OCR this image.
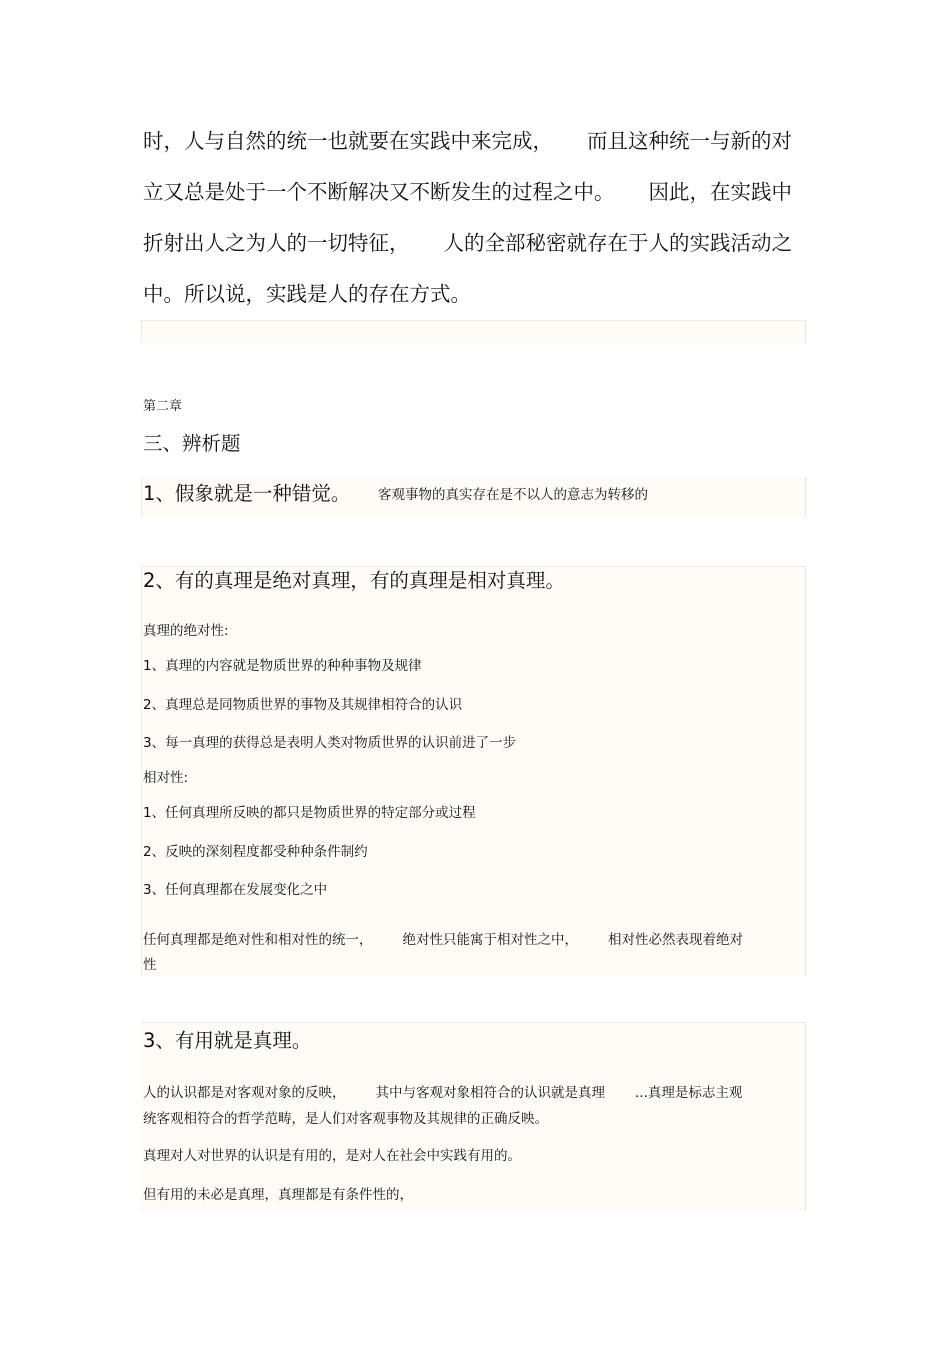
时，人与自然的统一也就要在实践中来完成， 而且这种统一与新的对
立又总是处于一个不断解决又不断发生的过程之中。 因此，在实践中
折射出人之为人的一切特征， 人的全部秘密就存在于人的实践活动之
中。所以说，实践是人的存在方式。
第二章
三、辨析题
1、假象就是一种错觉。 客观事物的真实存在是不以人的意志为转移的
2、有的真理是绝对真理，有的真理是相对真理。
真理的绝对性:
1、真理的内容就是物质世界的种种事物及规律
2、真理总是同物质世界的事物及其规律相符合的认识
3、每一真理的获得总是表明人类对物质世界的认识前进了一步
相对性:
1、任何真理所反映的都只是物质世界的特定部分或过程
2、反映的深刻程度都受种种条件制约
3、任何真理都在发展变化之中
任何真理都是绝对性和相对性的统一， 绝对性只能寓于相对性之中， 相对性必然表现着绝对
性
3、有用就是真理。
人的认识都是对客观对象的反映， 其中与客观对象相符合的认识就是真理 ...真理是标志主观
统客观相符合的哲学范畴，是人们对客观事物及其规律的正确反映。
真理对人对世界的认识是有用的，是对人在社会中实践有用的。
但有用的未必是真理，真理都是有条件性的，
